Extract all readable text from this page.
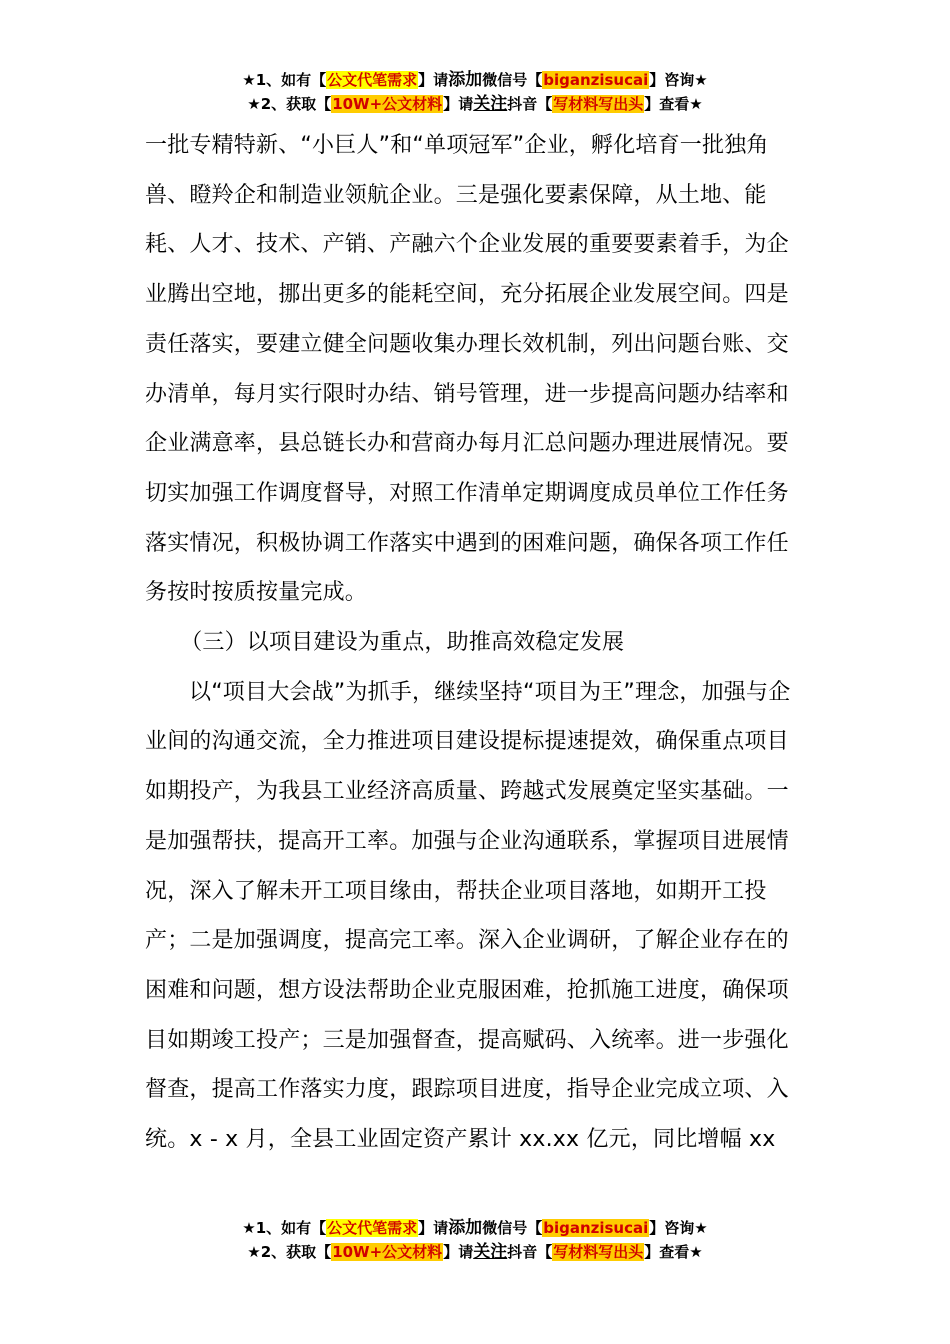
★1、如有【公文代笔需求】请添加微信号【biganzisucai】咨询★
★2、获取【10W+公文材料】请关注抖音【写材料写出头】查看★

一批专精特新、“小巨人”和“单项冠军”企业，孵化培育一批独角兽、瞪羚企和制造业领航企业。三是强化要素保障，从土地、能耗、人才、技术、产销、产融六个企业发展的重要要素着手，为企业腾出空地，挪出更多的能耗空间，充分拓展企业发展空间。四是责任落实，要建立健全问题收集办理长效机制，列出问题台账、交办清单，每月实行限时办结、销号管理，进一步提高问题办结率和企业满意率，县总链长办和营商办每月汇总问题办理进展情况。要切实加强工作调度督导，对照工作清单定期调度成员单位工作任务落实情况，积极协调工作落实中遇到的困难问题，确保各项工作任务按时按质按量完成。

（三）以项目建设为重点，助推高效稳定发展

以“项目大会战”为抓手，继续坚持“项目为王”理念，加强与企业间的沟通交流，全力推进项目建设提标提速提效，确保重点项目如期投产，为我县工业经济高质量、跨越式发展奠定坚实基础。一是加强帮扶，提高开工率。加强与企业沟通联系，掌握项目进展情况，深入了解未开工项目缘由，帮扶企业项目落地，如期开工投产；二是加强调度，提高完工率。深入企业调研，了解企业存在的困难和问题，想方设法帮助企业克服困难，抢抓施工进度，确保项目如期竣工投产；三是加强督查，提高赋码、入统率。进一步强化督查，提高工作落实力度，跟踪项目进度，指导企业完成立项、入统。x - x 月，全县工业固定资产累计 xx.xx 亿元，同比增幅 xx

★1、如有【公文代笔需求】请添加微信号【biganzisucai】咨询★
★2、获取【10W+公文材料】请关注抖音【写材料写出头】查看★
